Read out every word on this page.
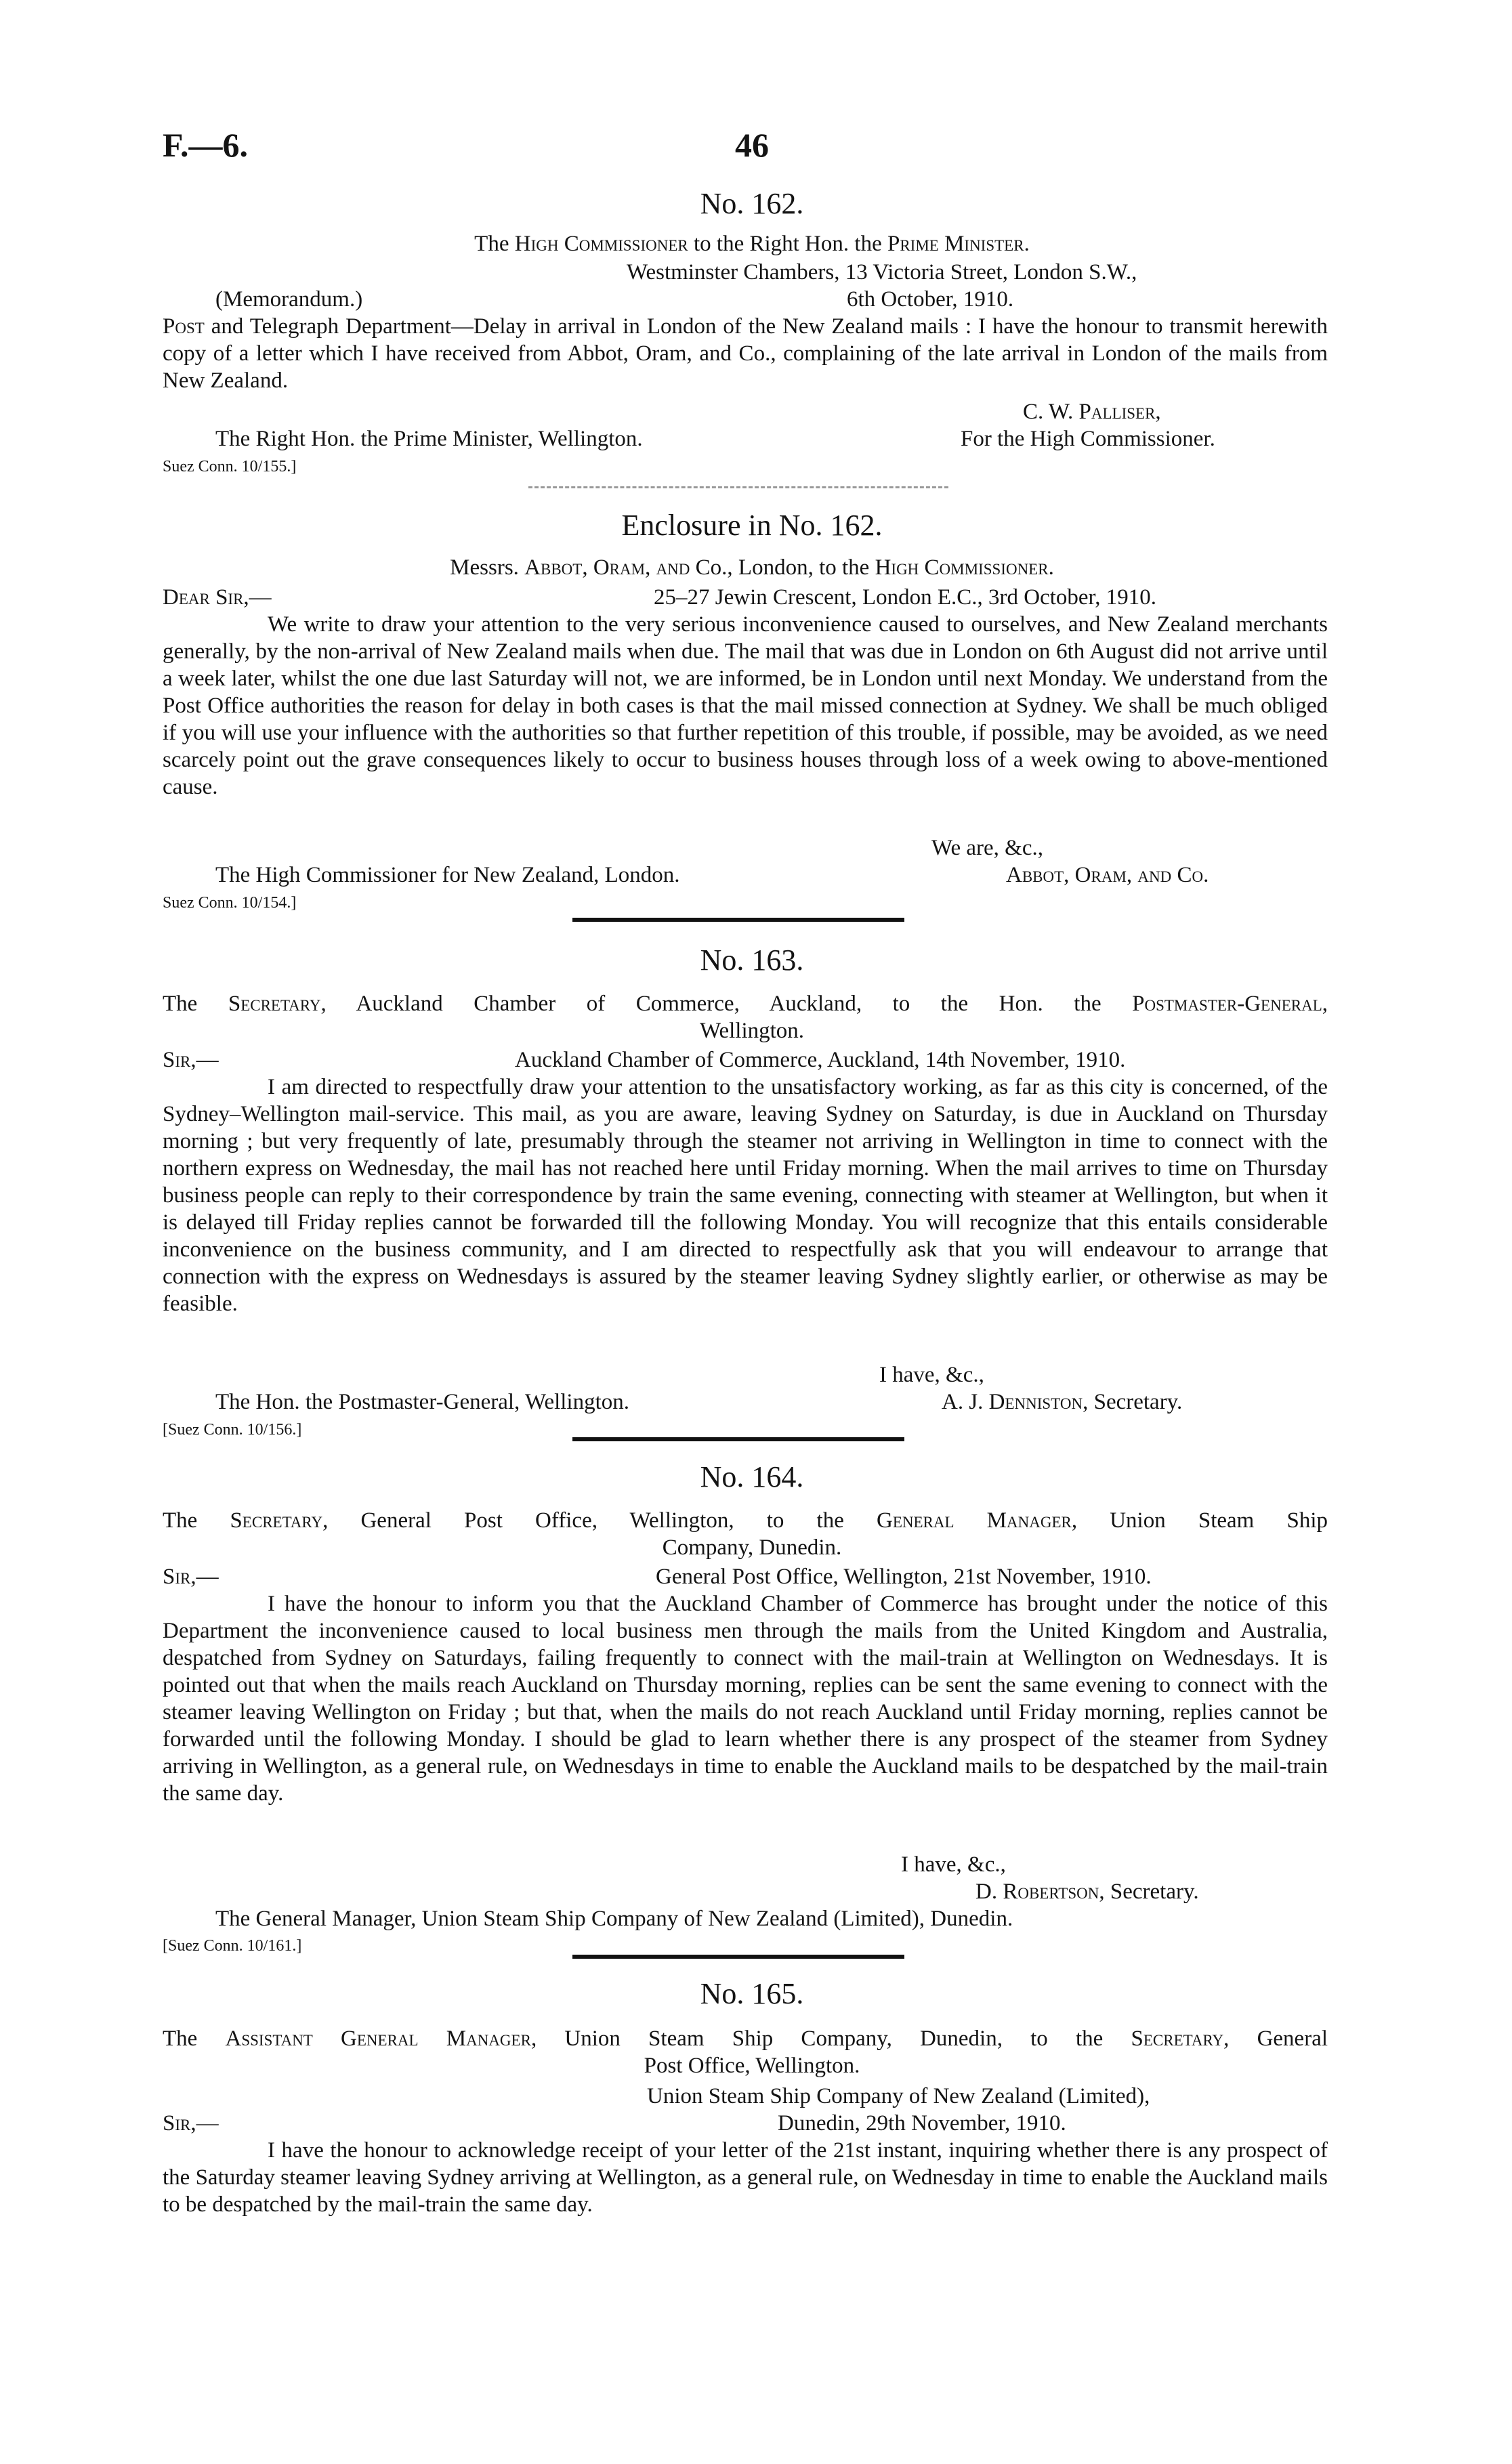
F.—6.	46
No. 162.
The High Commissioner to the Right Hon. the Prime Minister.
Westminster Chambers, 13 Victoria Street, London S.W.,
(Memorandum.)	6th October, 1910.

Post and Telegraph Department—Delay in arrival in London of the New Zealand mails : I have the honour to transmit herewith copy of a letter which I have received from Abbot, Oram, and Co., complaining of the late arrival in London of the mails from New Zealand.

C. W. Palliser,
The Right Hon. the Prime Minister, Wellington.	For the High Commissioner.
Suez Conn. 10/155.]
Enclosure in No. 162.
Messrs. Abbot, Oram, and Co., London, to the High Commissioner.
Dear Sir,—	25–27 Jewin Crescent, London E.C., 3rd October, 1910.

We write to draw your attention to the very serious inconvenience caused to ourselves, and New Zealand merchants generally, by the non-arrival of New Zealand mails when due. The mail that was due in London on 6th August did not arrive until a week later, whilst the one due last Saturday will not, we are informed, be in London until next Monday. We understand from the Post Office authorities the reason for delay in both cases is that the mail missed connection at Sydney. We shall be much obliged if you will use your influence with the authorities so that further repetition of this trouble, if possible, may be avoided, as we need scarcely point out the grave consequences likely to occur to business houses through loss of a week owing to above-mentioned cause.

We are, &c.,
The High Commissioner for New Zealand, London.	Abbot, Oram, and Co.
Suez Conn. 10/154.]
No. 163.
The Secretary, Auckland Chamber of Commerce, Auckland, to the Hon. the Postmaster-General,
Wellington.
Sir,—	Auckland Chamber of Commerce, Auckland, 14th November, 1910.

I am directed to respectfully draw your attention to the unsatisfactory working, as far as this city is concerned, of the Sydney–Wellington mail-service. This mail, as you are aware, leaving Sydney on Saturday, is due in Auckland on Thursday morning ; but very frequently of late, presumably through the steamer not arriving in Wellington in time to connect with the northern express on Wednesday, the mail has not reached here until Friday morning. When the mail arrives to time on Thursday business people can reply to their correspondence by train the same evening, connecting with steamer at Wellington, but when it is delayed till Friday replies cannot be forwarded till the following Monday. You will recognize that this entails considerable inconvenience on the business community, and I am directed to respectfully ask that you will endeavour to arrange that connection with the express on Wednesdays is assured by the steamer leaving Sydney slightly earlier, or otherwise as may be feasible.

I have, &c.,
The Hon. the Postmaster-General, Wellington.	A. J. Denniston, Secretary.
[Suez Conn. 10/156.]
No. 164.
The Secretary, General Post Office, Wellington, to the General Manager, Union Steam Ship
Company, Dunedin.
Sir,—	General Post Office, Wellington, 21st November, 1910.

I have the honour to inform you that the Auckland Chamber of Commerce has brought under the notice of this Department the inconvenience caused to local business men through the mails from the United Kingdom and Australia, despatched from Sydney on Saturdays, failing frequently to connect with the mail-train at Wellington on Wednesdays. It is pointed out that when the mails reach Auckland on Thursday morning, replies can be sent the same evening to connect with the steamer leaving Wellington on Friday ; but that, when the mails do not reach Auckland until Friday morning, replies cannot be forwarded until the following Monday. I should be glad to learn whether there is any prospect of the steamer from Sydney arriving in Wellington, as a general rule, on Wednesdays in time to enable the Auckland mails to be despatched by the mail-train the same day.

I have, &c.,
D. Robertson, Secretary.
The General Manager, Union Steam Ship Company of New Zealand (Limited), Dunedin.
[Suez Conn. 10/161.]
No. 165.
The Assistant General Manager, Union Steam Ship Company, Dunedin, to the Secretary, General
Post Office, Wellington.
Union Steam Ship Company of New Zealand (Limited),
Sir,—	Dunedin, 29th November, 1910.

I have the honour to acknowledge receipt of your letter of the 21st instant, inquiring whether there is any prospect of the Saturday steamer leaving Sydney arriving at Wellington, as a general rule, on Wednesday in time to enable the Auckland mails to be despatched by the mail-train the same day.
